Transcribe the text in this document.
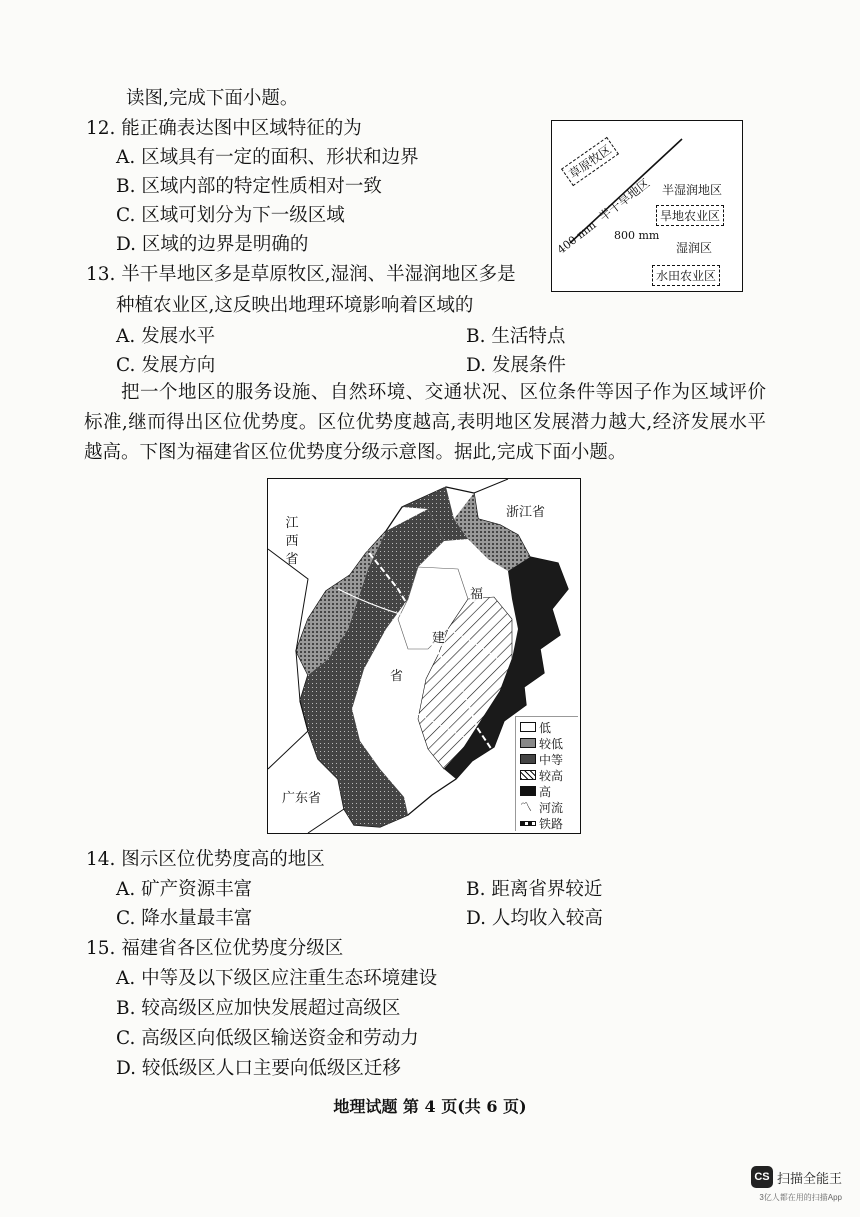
读图,完成下面小题。
12. 能正确表达图中区域特征的为
A. 区域具有一定的面积、形状和边界
B. 区域内部的特定性质相对一致
C. 区域可划分为下一级区域
D. 区域的边界是明确的
13. 半干旱地区多是草原牧区,湿润、半湿润地区多是
种植农业区,这反映出地理环境影响着区域的
A. 发展水平	B. 生活特点
C. 发展方向	D. 发展条件
草原牧区
半干旱地区
400 mm
半湿润地区
旱地农业区
800 mm
湿润区
水田农业区

把一个地区的服务设施、自然环境、交通状况、区位条件等因子作为区域评价标准,继而得出区位优势度。区位优势度越高,表明地区发展潜力越大,经济发展水平越高。下图为福建省区位优势度分级示意图。据此,完成下面小题。

江
西
省
浙江省
福
建
省
广东省
低
较低
中等
较高
高
〽 河流
铁路
14. 图示区位优势度高的地区
A. 矿产资源丰富	B. 距离省界较近
C. 降水量最丰富	D. 人均收入较高
15. 福建省各区位优势度分级区
A. 中等及以下级区应注重生态环境建设
B. 较高级区应加快发展超过高级区
C. 高级区向低级区输送资金和劳动力
D. 较低级区人口主要向低级区迁移
地理试题 第 4 页(共 6 页)
CS 扫描全能王
3亿人都在用的扫描App
